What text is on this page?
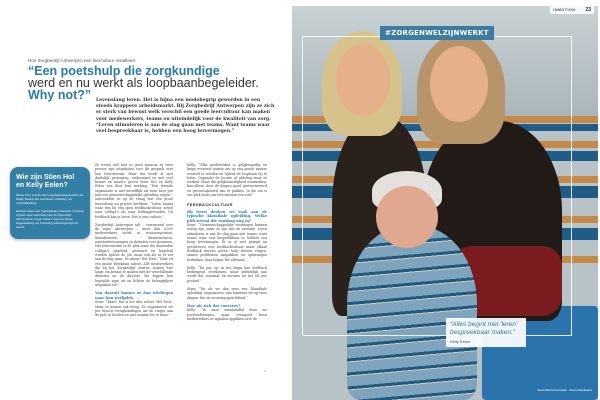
Hoe Zorgbedrijf Antwerpen een leercultuur installeert
“Een poetshulp die zorgkundige
werd en nu werkt als loopbaanbegeleider.
Why not?”	Levenslang leren. Het is bijna een modebegrip geworden in een steeds krappere arbeidsmarkt. Bij Zorgbedrijf Antwerpen zijn ze zich er sterk van bewust welk verschil een goede leercultuur kan maken voor medewerkers, teams en uiteindelijk voor de kwaliteit van zorg. “Leren stimuleren is aan de slag gaan met teams. Want teams waar veel bespreekbaar is, hebben een hoog lervermogen.”
Wie zijn Stien Hol en Kelly Eelen?

Stien Hol werkt als loopbaanbegeleider en Kelly Eelen als adviseur training en ontwikkeling.

Samen met een twintigtal collega's vormen zij het leercentrum van Zorgbedrijf Antwerpen waar alles rond vorming, begeleiding en training samengebracht werd.

Ze weten zelf niet zo goed waarom zij twee precies zijn uitgekozen voor dit gesprek over hun leercentrum. Maar dat wordt al snel duidelijk: prosagreg, enthousiast en met veel kennis en nuance geven Stien Hol en Kelly Eelen een door hun werking. “Een lerende organisatie is niet betrefflijk als twee keer per jaar een gemeenschappelijke opleiding volgen”, antwoorden ze op de vraag wat een grote leercultuur nu precies betekent. “Leren begint waar een bij een open feedbackcultuur, zowel naar collega's als naar leidinggevenden. Uit feedback kan je leren. Het is een cadeau.”

Zorgbedrijf Antwerpen telt – verrassend over de regio Antwerpen – meer dan 4.000 medewerkers actief in woonzorgcentra, thuisdiensten, dienstencentra, assistentiewoningen en diensten voor gezinnen. Het leercentrum is de plek waar die duizenden collega's opgeleid, gestuurd en begeleid worden tijdens de job, maar ook als ze er net aan de slag gaan. De naam? Het Nest. “Daar zit een mooie betekenis achter. Alle medewerkers die bij het Zorgbedrijf starten, komen hier langs om kennis te maken met de verschillende diensten en de directie. We leggen hen bepaalde apps uit en lichten de belangrijkste afspraken toe.”

Van daaruit komen ze dan uitvliegen naar hun werkplek.

Stien: “Exact. Dat is het idee achter 'Het Nest'. Maar ze komen ook terug. Zo organiseren we per functie terugkomdagen om de vinger aan de pols te houden en niet zomaar los te laten.”

Kelly: “Elke medewerker is gelijkwaardig en krijgt evenveel ruimte om op een goede manier eenheid te worden en tijdens de loopbaan bij te leren. Ongeacht de locatie of afdeling waar ze werken. Maar die gelijkwaardigheid waarmaken, kan alleen door de dingen goed gestructureerd en gecentraliseerd aan te pakken. In die zin is ons plek zoals ons leercentrum een roef.”

FEEDBACKCULTUUR
Bij leren denken we vaak aan de typische klassikale opleiding. Welke plek neemt die vandaag nog in?

Stien: “Gemeenschappelijke vormingen kunnen nuttig zijn, maar ze zijn niet de essentie. Leren stimuleren is aan de slag gaan met teams, want teams waar veel bespreekbaar is, hebben een hoog lervermogen. Er is al veel gezegd en geschreven over feedbackcultuur, maar elkaar feedback durven geven, hulp durven vragen, samen problemen aanpakken en oplossingen bedenken: daar begint het allemaal.”

Kelly: “En pas op: in het begin kan feedback bedreigend overkomen, maar geleidelijk aan wordt dat 'normaal' en ervaren we het als iets positief.”

Stien: “En als we dan eens een 'klassikale opleiding' organiseren, dan hameren we op twee dingen: fun en ervaringsgerichtheid.”

Hoe uit zich dat concreet?

Kelly: “In onze simulatieflat doen we poetsoefeningen, maar evengoed leren medewerkers er signalen oppikken over de

»
#ZORGENWELZIJNWERKT
Tekst Martina Overstadt · Foto's Filip Bolans
INMOTION 23
“Alles begint met 'leren' bespreekbaar maken.”
Kelly Eelen
